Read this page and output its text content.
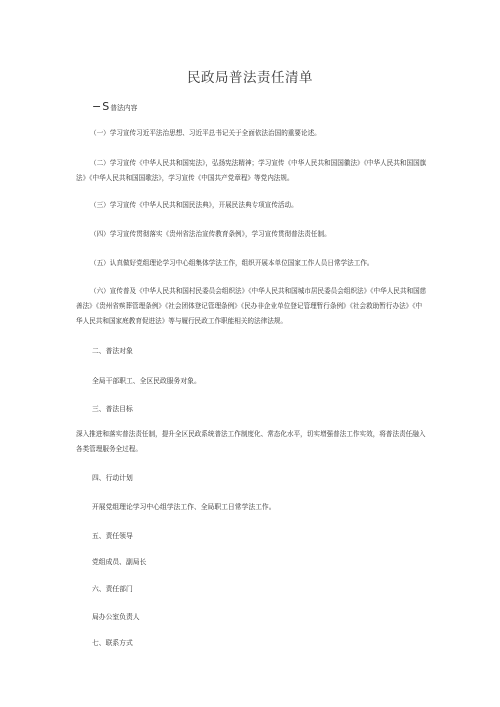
民政局普法责任清单
−S普法内容

（一）学习宣传习近平法治思想、习近平总书记关于全面依法治国的重要论述。

（二）学习宣传《中华人民共和国宪法》，弘扬宪法精神；学习宣传《中华人民共和国国徽法》《中华人民共和国国旗法》《中华人民共和国国歌法》，学习宣传《中国共产党章程》等党内法规。

（三）学习宣传《中华人民共和国民法典》，开展民法典专项宣传活动。

（四）学习宣传贯彻落实《贵州省法治宣传教育条例》，学习宣传贯彻普法责任制。

（五）认真做好党组理论学习中心组集体学法工作，组织开展本单位国家工作人员日常学法工作。

（六）宣传普及《中华人民共和国村民委员会组织法》《中华人民共和国城市居民委员会组织法》《中华人民共和国慈善法》《贵州省殡葬管理条例》《社会团体登记管理条例》《民办非企业单位登记管理暂行条例》《社会救助暂行办法》《中华人民共和国家庭教育促进法》等与履行民政工作职能相关的法律法规。

二、普法对象

全局干部职工、全区民政服务对象。

三、普法目标

深入推进和落实普法责任制，提升全区民政系统普法工作制度化、常态化水平，切实增强普法工作实效，将普法责任融入各类管理服务全过程。

四、行动计划

开展党组理论学习中心组学法工作、全局职工日常学法工作。

五、责任领导

党组成员、副局长

六、责任部门

局办公室负责人

七、联系方式
